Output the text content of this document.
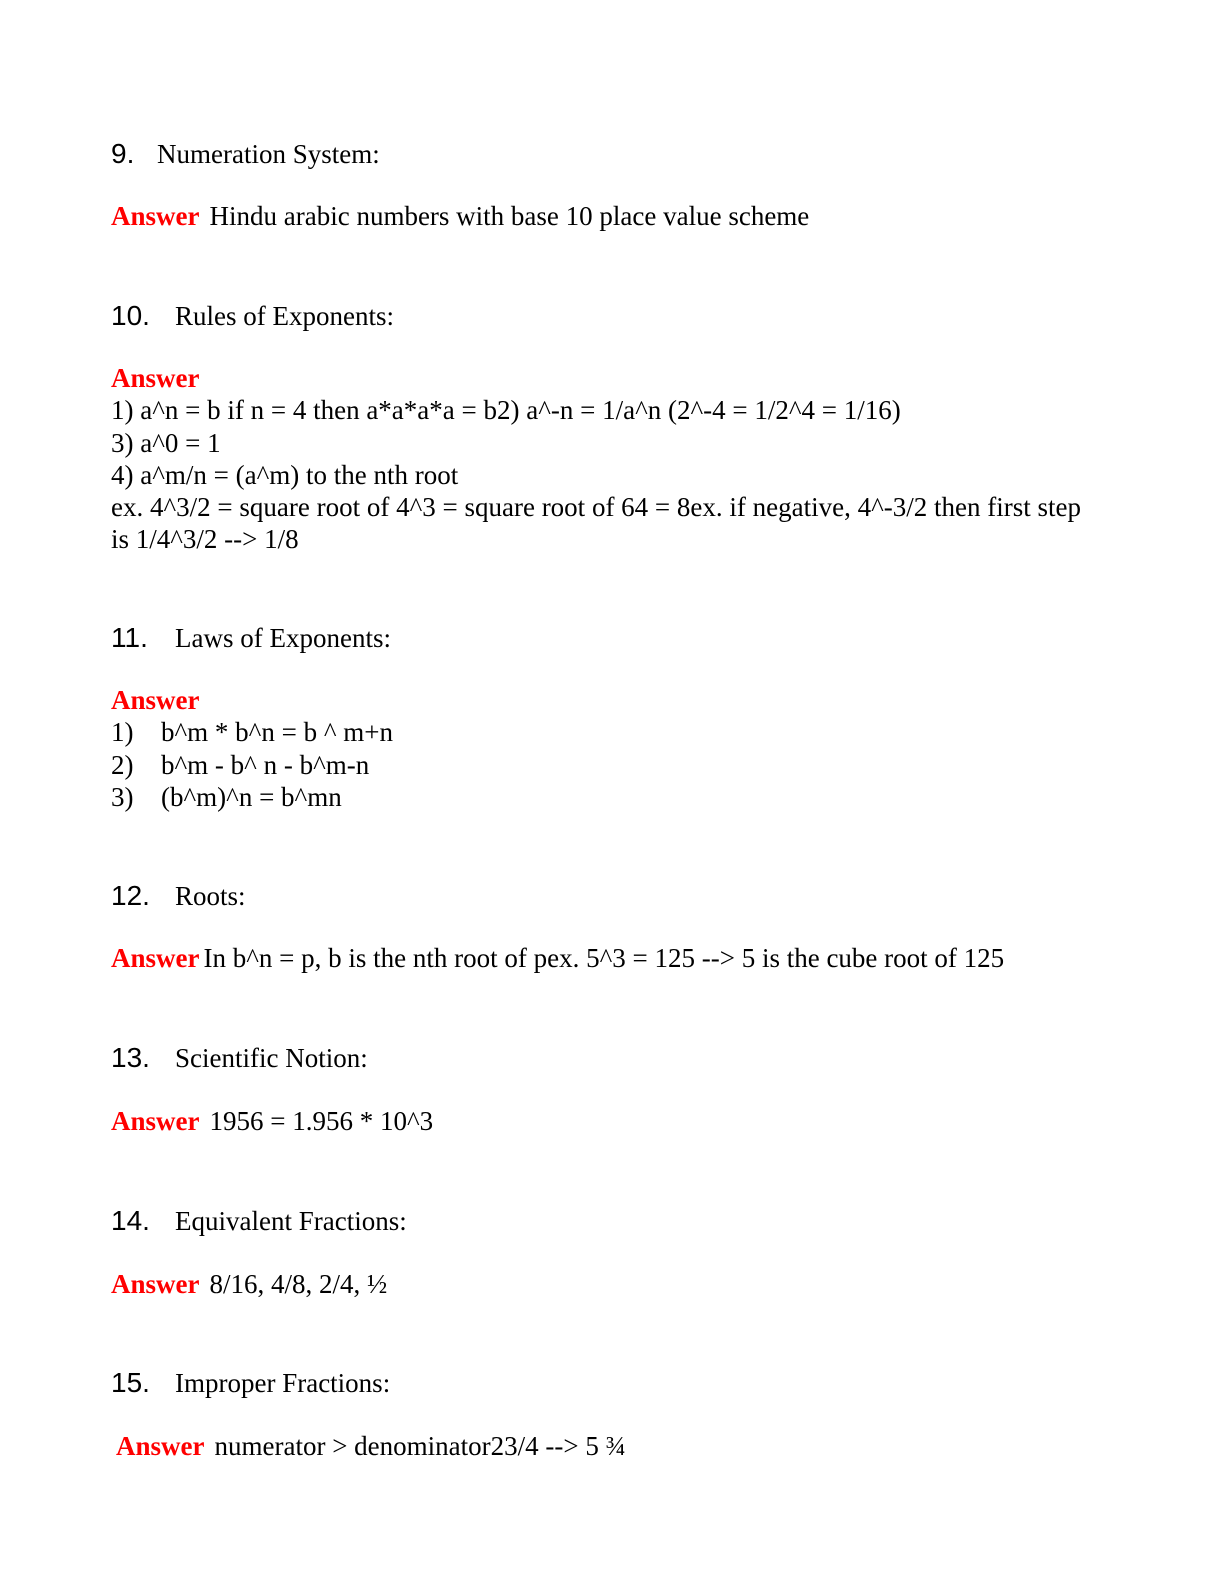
9. Numeration System:
Answer Hindu arabic numbers with base 10 place value scheme
10. Rules of Exponents:
Answer
1) a^n = b if n = 4 then a*a*a*a = b2) a^-n = 1/a^n (2^-4 = 1/2^4 = 1/16)
3) a^0 = 1
4) a^m/n = (a^m) to the nth root
ex. 4^3/2 = square root of 4^3 = square root of 64 = 8ex. if negative, 4^-3/2 then first step
is 1/4^3/2 --> 1/8
11. Laws of Exponents:
Answer
1) b^m * b^n = b ^ m+n
2) b^m - b^ n - b^m-n
3) (b^m)^n = b^mn
12. Roots:
Answer In b^n = p, b is the nth root of pex. 5^3 = 125 --> 5 is the cube root of 125
13. Scientific Notion:
Answer 1956 = 1.956 * 10^3
14. Equivalent Fractions:
Answer 8/16, 4/8, 2/4, ½
15. Improper Fractions:
Answer numerator > denominator23/4 --> 5 ¾
